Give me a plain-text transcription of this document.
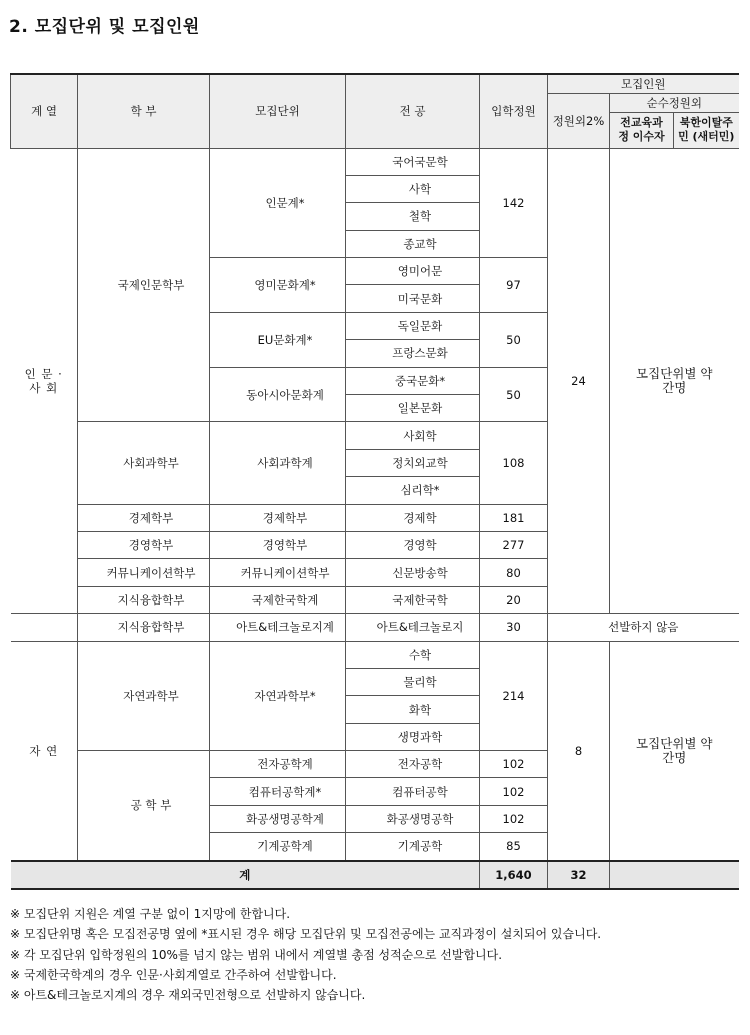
2. 모집단위 및 모집인원
계 열	학 부	모집단위	전 공	입학정원	모집인원		
					정원외2%	순수정원외	
						전교육과정 이수자	북한이탈주민 (새터민)
인 문 · 사 회	국제인문학부	인문계*	국어국문학	142	24	모집단위별 약간명	
			사학				
			철학				
			종교학				
		영미문화계*	영미어문	97			
			미국문화				
		EU문화계*	독일문화	50			
			프랑스문화				
		동아시아문화계	중국문화*	50			
			일본문화				
	사회과학부	사회과학계	사회학	108			
			정치외교학				
			심리학*				
	경제학부	경제학부	경제학	181			
	경영학부	경영학부	경영학	277			
	커뮤니케이션학부	커뮤니케이션학부	신문방송학	80			
	지식융합학부	국제한국학계	국제한국학	20			
	지식융합학부	아트&테크놀로지계	아트&테크놀로지	30	선발하지 않음		
자 연	자연과학부	자연과학부*	수학	214	8	모집단위별 약간명	
			물리학				
			화학				
			생명과학				
	공 학 부	전자공학계	전자공학	102			
		컴퓨터공학계*	컴퓨터공학	102			
		화공생명공학계	화공생명공학	102			
		기계공학계	기계공학	85			
계				1,640	32		
※ 모집단위 지원은 계열 구분 없이 1지망에 한합니다.
※ 모집단위명 혹은 모집전공명 옆에 *표시된 경우 해당 모집단위 및 모집전공에는 교직과정이 설치되어 있습니다.
※ 각 모집단위 입학정원의 10%를 넘지 않는 범위 내에서 계열별 총점 성적순으로 선발합니다.
※ 국제한국학계의 경우 인문·사회계열로 간주하여 선발합니다.
※ 아트&테크놀로지계의 경우 재외국민전형으로 선발하지 않습니다.
